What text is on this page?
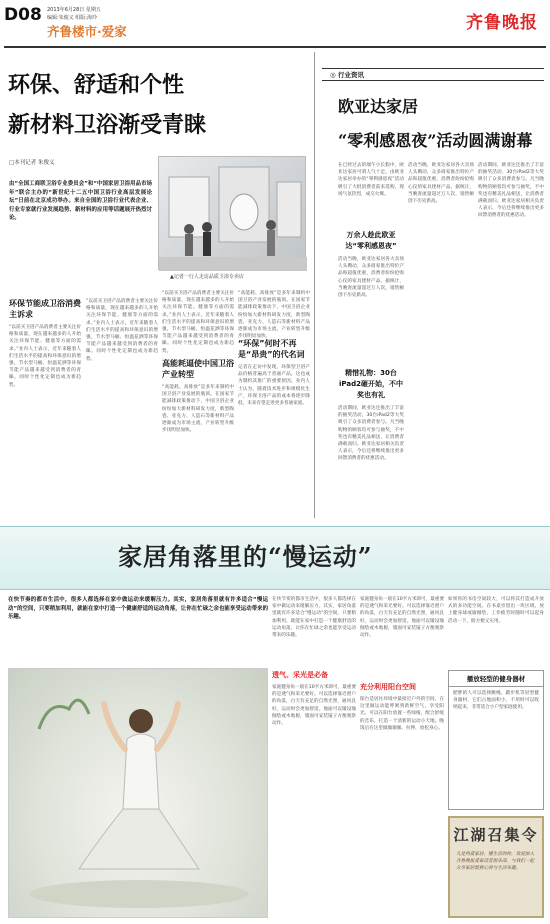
D08 2013年6月28日 星期五
编辑:朱俊义 组版:海玲
齐鲁楼市·爱家	齐鲁晚报
环保、舒适和个性
新材料卫浴渐受青睐
□本刊记者 朱俊义
▲记者一行人走访品质卫浴专卖店
由“全国工商联卫浴专业委员会”和“中国家居卫浴用品市场年”联合主办的“新世纪十二五中国卫浴行业高层发展论坛”日前在北京成功举办。来自全国的卫浴行业代表企业、行业专家就行业发展趋势、新材料的应用等话题展开热烈讨论。
环保节能成卫浴消费主诉求
“以前买卫浴产品消费者主要关注价格和质量，现在越来越多的人开始关注环保节能、健康等方面的需求。”业内人士表示，近年来随着人们生活水平的提高和环保意识的增强，节水型马桶、恒温花洒等环保节能产品越来越受到消费者的青睐。同时个性化定制也成为新趋势。
“以前买卫浴产品消费者主要关注价格和质量，现在越来越多的人开始关注环保节能、健康等方面的需求。”业内人士表示，近年来随着人们生活水平的提高和环保意识的增强，节水型马桶、恒温花洒等环保节能产品越来越受到消费者的青睐。同时个性化定制也成为新趋势。
“以前买卫浴产品消费者主要关注价格和质量，现在越来越多的人开始关注环保节能、健康等方面的需求。”业内人士表示，近年来随着人们生活水平的提高和环保意识的增强，节水型马桶、恒温花洒等环保节能产品越来越受到消费者的青睐。同时个性化定制也成为新趋势。
高能耗逼使中国卫浴产业转型
“高能耗、高排放”是多年来制约中国卫浴产业发展的瓶颈。在国家节能减排政策推动下，中国卫浴企业纷纷加大新材料研发力度，新型陶瓷、亚克力、人造石等新材料产品逐渐成为市场主流，产业转型升级步伐明显加快。
“高能耗、高排放”是多年来制约中国卫浴产业发展的瓶颈。在国家节能减排政策推动下，中国卫浴企业纷纷加大新材料研发力度，新型陶瓷、亚克力、人造石等新材料产品逐渐成为市场主流，产业转型升级步伐明显加快。
“环保”何时不再是“昂贵”的代名词
记者在走访中发现，环保型卫浴产品价格普遍高于普通产品，这也成为制约其推广的重要原因。业内人士认为，随着技术进步和规模化生产，环保卫浴产品的成本将逐步降低，未来有望走进更多普通家庭。
◎ 行业资讯
欧亚达家居
“零利感恩夜”活动圆满谢幕
在已经过去的端午小长假中，欧亚达家居可谓人气十足。由欧亚达家居举办的“零利感恩夜”活动吸引了大批消费者前来选购，现场气氛热烈，成交火爆。
万余人趁此欧亚达“零利感恩夜”
活动当晚，欧亚达家居各大卖场人头攒动，众多商家推出特价产品和超值优惠，消费者纷纷抢购心仪的家具建材产品。据统计，当晚客流量超过万人次，销售额创下历史新高。
精惜礼物：30台iPad2砸开始，不中奖也有礼
活动期间，欧亚达还推出了丰富的抽奖活动，30台iPad2等大奖吸引了众多消费者参与。凡当晚购物的顾客均可参与抽奖，不中奖也有精美礼品相送，让消费者满载而归。欧亚达家居相关负责人表示，今后还将继续推出更多回馈消费者的优惠活动。
活动当晚，欧亚达家居各大卖场人头攒动，众多商家推出特价产品和超值优惠，消费者纷纷抢购心仪的家具建材产品。据统计，当晚客流量超过万人次，销售额创下历史新高。
活动期间，欧亚达还推出了丰富的抽奖活动，30台iPad2等大奖吸引了众多消费者参与。凡当晚购物的顾客均可参与抽奖，不中奖也有精美礼品相送，让消费者满载而归。欧亚达家居相关负责人表示，今后还将继续推出更多回馈消费者的优惠活动。
家居角落里的“慢运动”
在快节奏的都市生活中，很多人都选择在家中做运动来缓解压力。其实，家居角落里就有许多适合“慢运动”的空间，只要稍加利用，就能在家中打造一个健康舒适的运动角落，让你在忙碌之余也能享受运动带来的乐趣。
在快节奏的都市生活中，很多人都选择在家中做运动来缓解压力。其实，家居角落里就有许多适合“慢运动”的空间，只要稍加利用，就能在家中打造一个健康舒适的运动角落，让你在忙碌之余也能享受运动带来的乐趣。
透气、采光是必备
家庭健身角一般在10平方米即可，最重要的是透气和采光要好。可以选择靠近窗户的角落，白天有充足的自然光照，通风良好，运动时会更加舒适。地面可以铺设瑜伽垫或木地板，墙面可安装镜子方便观察动作。
家庭健身角一般在10平方米即可，最重要的是透气和采光要好。可以选择靠近窗户的角落，白天有充足的自然光照，通风良好，运动时会更加舒适。地面可以铺设瑜伽垫或木地板，墙面可安装镜子方便观察动作。
充分利用阳台空间
阳台是居住环境中最接近户外的空间，在这里做运动能呼吸到新鲜空气，享受阳光。可以在阳台放置一些绿植，配合舒缓的音乐，打造一个清新的运动小天地。晚饭后在这里做做瑜伽、拉伸，放松身心。
如果你的书房空间较大，可以将其打造成开放式的多功能空间。在书桌旁留出一块区域，放上健身球或瑜伽垫，工作疲劳时随时可以起身活动一下，既方便又实用。
播放轻型的健身器材
肥胖的人可以选择跳绳、踏步机等轻型健身器材，它们占地面积小，不用时可以收纳起来，非常适合小户型家庭使用。
江湖召集令
凡是热爱家居、懂生活的你，欢迎加入齐鲁晚报爱家读者俱乐部，与我们一起分享家居装修心得与生活乐趣。
